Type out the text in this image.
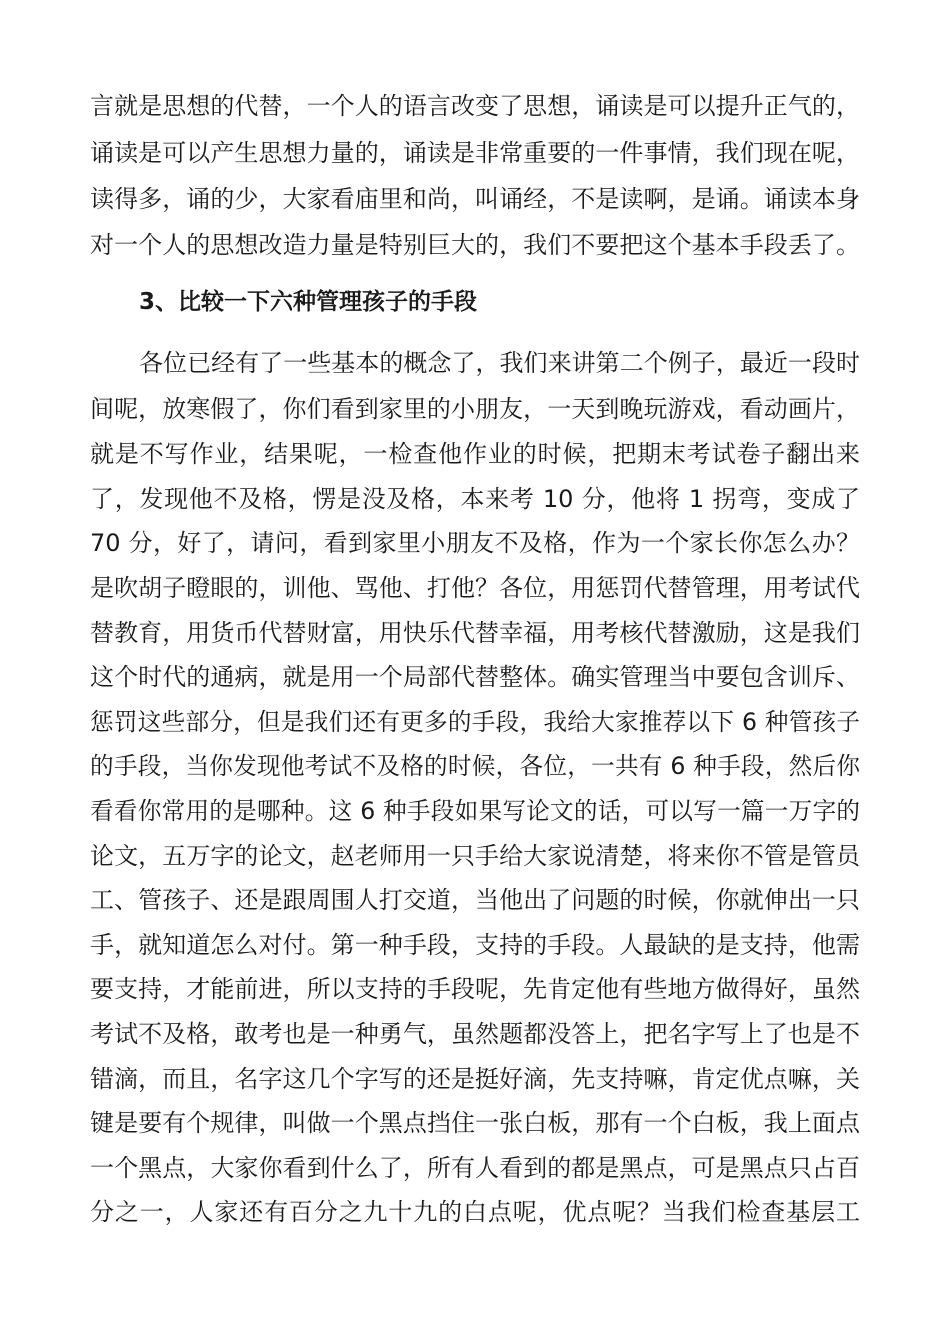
言就是思想的代替，一个人的语言改变了思想，诵读是可以提升正气的，
诵读是可以产生思想力量的，诵读是非常重要的一件事情，我们现在呢，
读得多，诵的少，大家看庙里和尚，叫诵经，不是读啊，是诵。诵读本身
对一个人的思想改造力量是特别巨大的，我们不要把这个基本手段丢了。
3、比较一下六种管理孩子的手段
各位已经有了一些基本的概念了，我们来讲第二个例子，最近一段时
间呢，放寒假了，你们看到家里的小朋友，一天到晚玩游戏，看动画片，
就是不写作业，结果呢，一检查他作业的时候，把期末考试卷子翻出来
了，发现他不及格，愣是没及格，本来考 10 分，他将 1 拐弯，变成了
70 分，好了，请问，看到家里小朋友不及格，作为一个家长你怎么办？
是吹胡子瞪眼的，训他、骂他、打他？各位，用惩罚代替管理，用考试代
替教育，用货币代替财富，用快乐代替幸福，用考核代替激励，这是我们
这个时代的通病，就是用一个局部代替整体。确实管理当中要包含训斥、
惩罚这些部分，但是我们还有更多的手段，我给大家推荐以下 6 种管孩子
的手段，当你发现他考试不及格的时候，各位，一共有 6 种手段，然后你
看看你常用的是哪种。这 6 种手段如果写论文的话，可以写一篇一万字的
论文，五万字的论文，赵老师用一只手给大家说清楚，将来你不管是管员
工、管孩子、还是跟周围人打交道，当他出了问题的时候，你就伸出一只
手，就知道怎么对付。第一种手段，支持的手段。人最缺的是支持，他需
要支持，才能前进，所以支持的手段呢，先肯定他有些地方做得好，虽然
考试不及格，敢考也是一种勇气，虽然题都没答上，把名字写上了也是不
错滴，而且，名字这几个字写的还是挺好滴，先支持嘛，肯定优点嘛，关
键是要有个规律，叫做一个黑点挡住一张白板，那有一个白板，我上面点
一个黑点，大家你看到什么了，所有人看到的都是黑点，可是黑点只占百
分之一，人家还有百分之九十九的白点呢，优点呢？当我们检查基层工
